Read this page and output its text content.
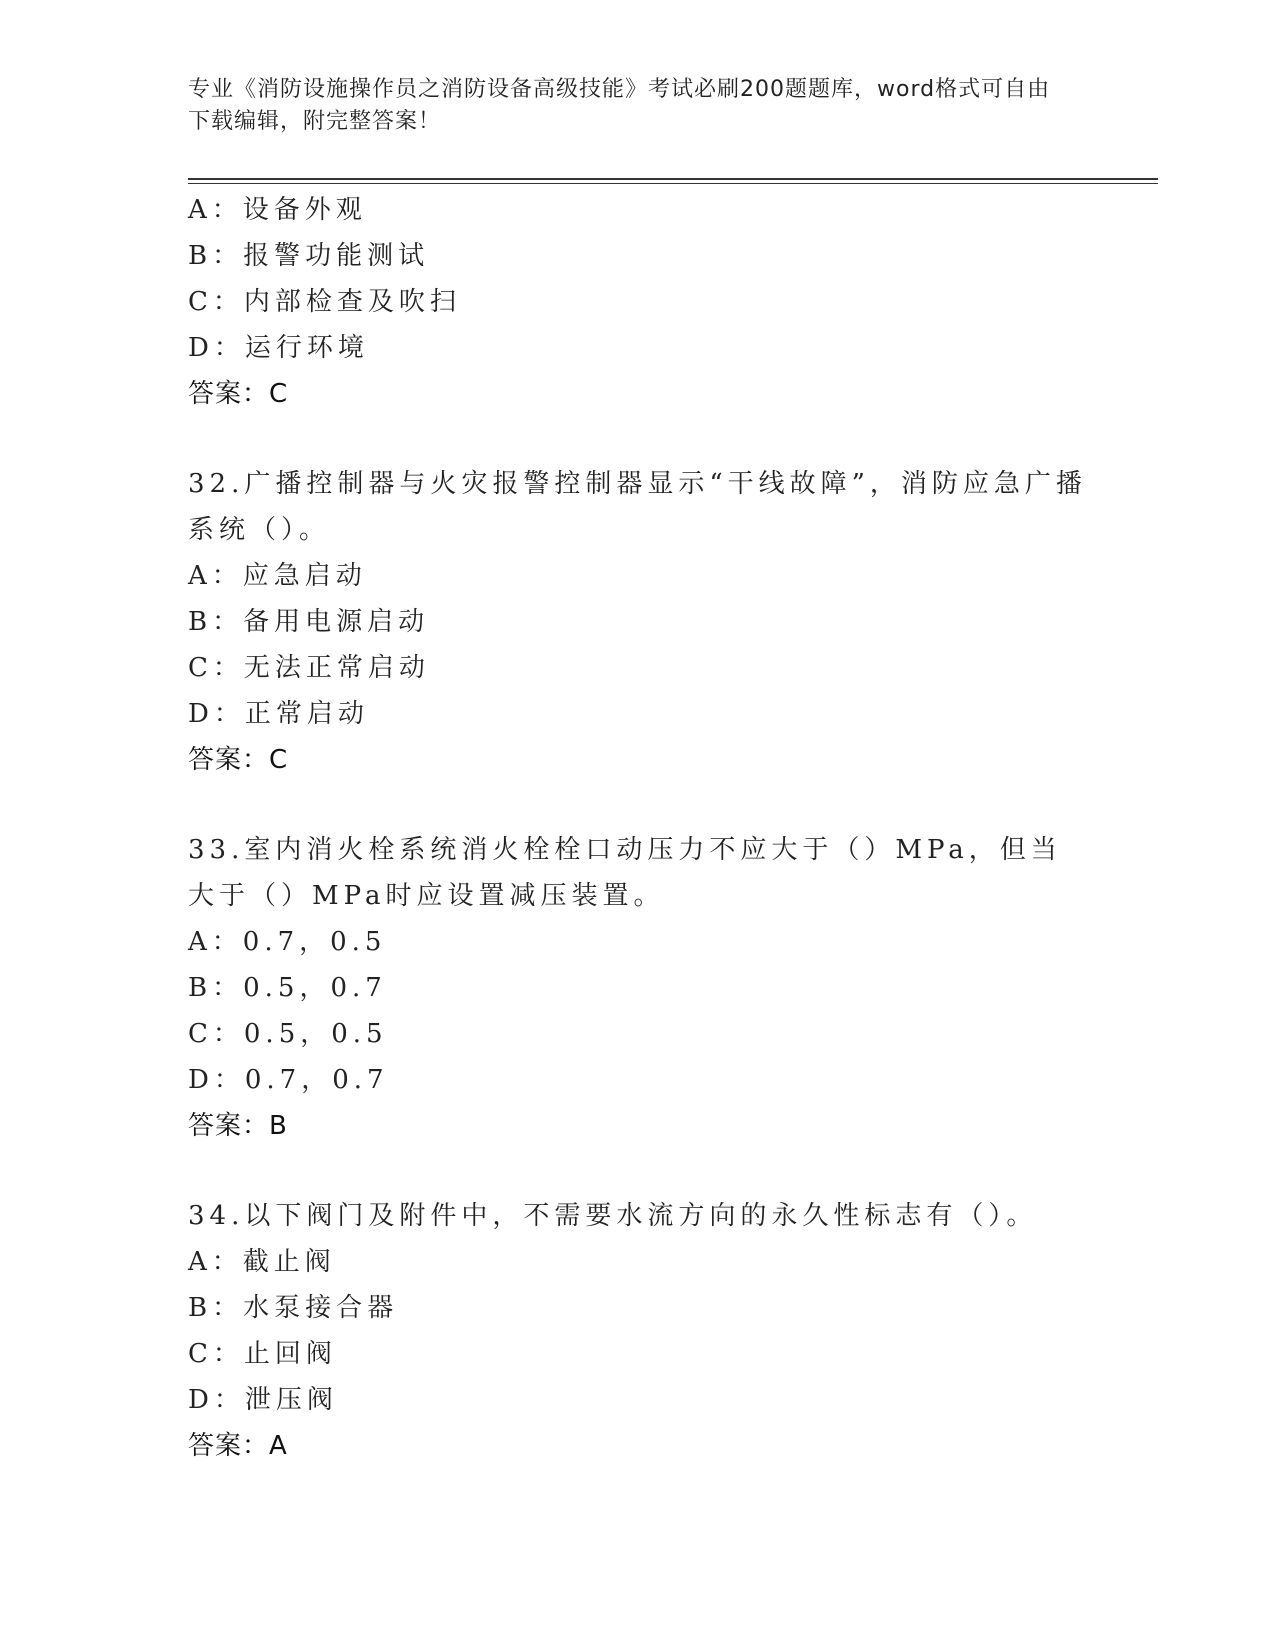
专业《消防设施操作员之消防设备高级技能》考试必刷200题题库，word格式可自由下载编辑，附完整答案！
A：设备外观
B：报警功能测试
C：内部检查及吹扫
D：运行环境
答案：C
32.广播控制器与火灾报警控制器显示“干线故障”，消防应急广播系统（）。
A：应急启动
B：备用电源启动
C：无法正常启动
D：正常启动
答案：C
33.室内消火栓系统消火栓栓口动压力不应大于（）MPa，但当大于（）MPa时应设置减压装置。
A：0.7，0.5
B：0.5，0.7
C：0.5，0.5
D：0.7，0.7
答案：B
34.以下阀门及附件中，不需要水流方向的永久性标志有（）。
A：截止阀
B：水泵接合器
C：止回阀
D：泄压阀
答案：A
